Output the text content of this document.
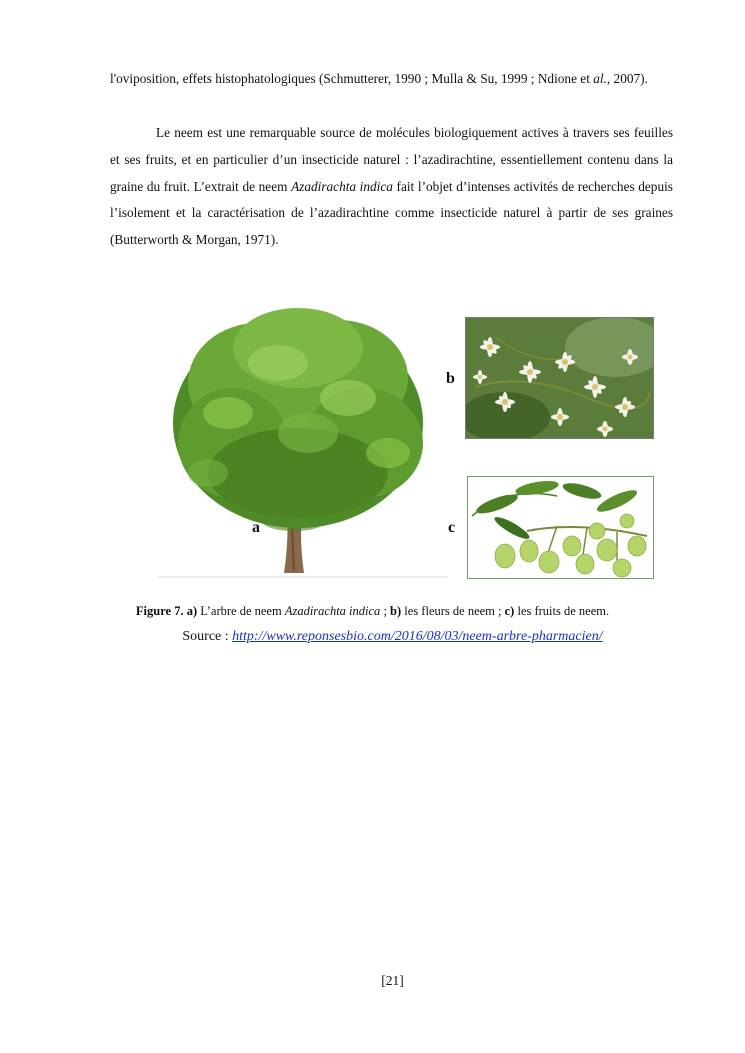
l'oviposition, effets histophatologiques (Schmutterer, 1990 ; Mulla & Su, 1999 ; Ndione et al., 2007).

Le neem est une remarquable source de molécules biologiquement actives à travers ses feuilles et ses fruits, et en particulier d’un insecticide naturel : l’azadirachtine, essentiellement contenu dans la graine du fruit. L’extrait de neem Azadirachta indica fait l’objet d’intenses activités de recherches depuis l’isolement et la caractérisation de l’azadirachtine comme insecticide naturel à partir de ses graines (Butterworth & Morgan, 1971).

a
b
c
Figure 7. a) L’arbre de neem Azadirachta indica ; b) les fleurs de neem ; c) les fruits de neem.
Source : http://www.reponsesbio.com/2016/08/03/neem-arbre-pharmacien/
[21]
